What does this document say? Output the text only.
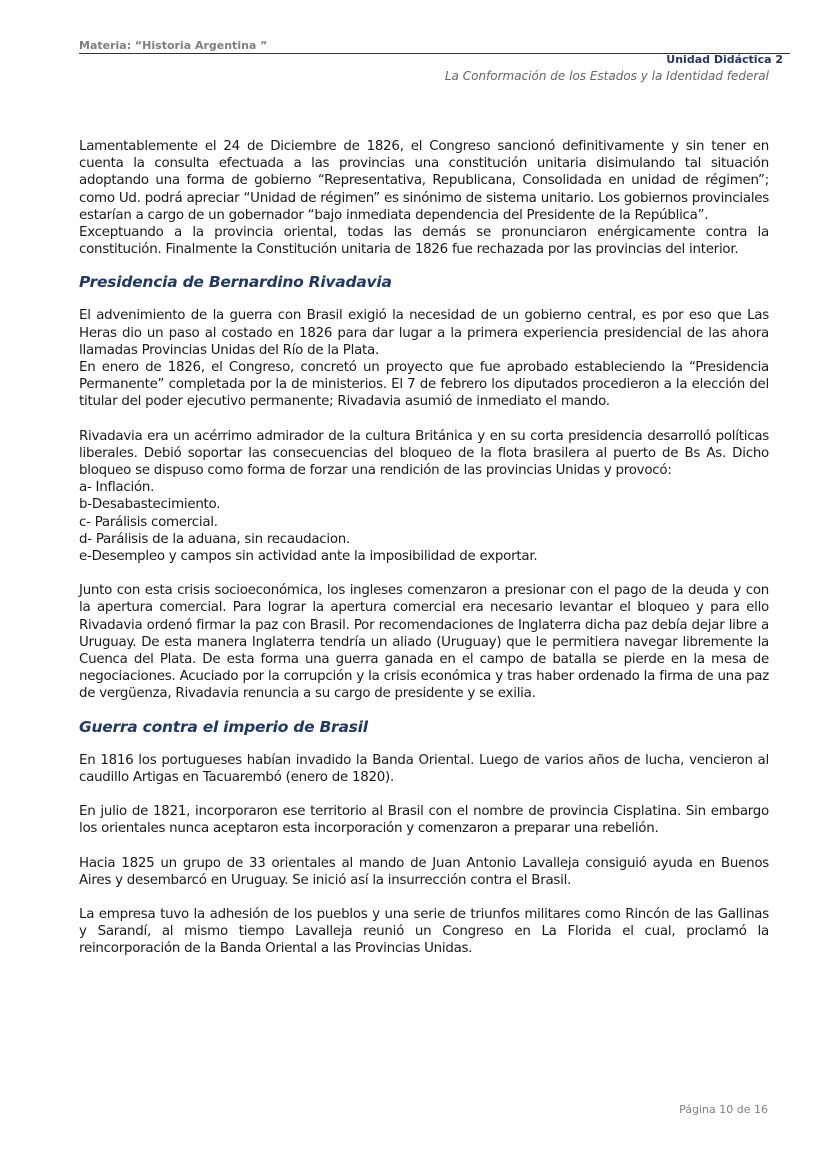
Materia: “Historia Argentina ”
Unidad Didáctica 2
La Conformación de los Estados y la Identidad federal

Lamentablemente el 24 de Diciembre de 1826, el Congreso sancionó definitivamente y sin tener en cuenta la consulta efectuada a las provincias una constitución unitaria disimulando tal situación adoptando una forma de gobierno “Representativa, Republicana, Consolidada en unidad de régimen”; como Ud. podrá apreciar “Unidad de régimen” es sinónimo de sistema unitario. Los gobiernos provinciales estarían a cargo de un gobernador “bajo inmediata dependencia del Presidente de la República”.

Exceptuando a la provincia oriental, todas las demás se pronunciaron enérgicamente contra la constitución. Finalmente la Constitución unitaria de 1826 fue rechazada por las provincias del interior.

Presidencia de Bernardino Rivadavia

El advenimiento de la guerra con Brasil exigió la necesidad de un gobierno central, es por eso que Las Heras dio un paso al costado en 1826 para dar lugar a la primera experiencia presidencial de las ahora llamadas Provincias Unidas del Río de la Plata.

En enero de 1826, el Congreso, concretó un proyecto que fue aprobado estableciendo la “Presidencia Permanente” completada por la de ministerios. El 7 de febrero los diputados procedieron a la elección del titular del poder ejecutivo permanente; Rivadavia asumió de inmediato el mando.

Rivadavia era un acérrimo admirador de la cultura Británica y en su corta presidencia desarrolló políticas liberales. Debió soportar las consecuencias del bloqueo de la flota brasilera al puerto de Bs As. Dicho bloqueo se dispuso como forma de forzar una rendición de las provincias Unidas y provocó:

a- Inflación.
b-Desabastecimiento.
c- Parálisis comercial.
d- Parálisis de la aduana, sin recaudacion.
e-Desempleo y campos sin actividad ante la imposibilidad de exportar.

Junto con esta crisis socioeconómica, los ingleses comenzaron a presionar con el pago de la deuda y con la apertura comercial. Para lograr la apertura comercial era necesario levantar el bloqueo y para ello Rivadavia ordenó firmar la paz con Brasil. Por recomendaciones de Inglaterra dicha paz debía dejar libre a Uruguay. De esta manera Inglaterra tendría un aliado (Uruguay) que le permitiera navegar libremente la Cuenca del Plata. De esta forma una guerra ganada en el campo de batalla se pierde en la mesa de negociaciones. Acuciado por la corrupción y la crisis económica y tras haber ordenado la firma de una paz de vergüenza, Rivadavia renuncia a su cargo de presidente y se exilia.

Guerra contra el imperio de Brasil

En 1816 los portugueses habían invadido la Banda Oriental. Luego de varios años de lucha, vencieron al caudillo Artigas en Tacuarembó (enero de 1820).

En julio de 1821, incorporaron ese territorio al Brasil con el nombre de provincia Cisplatina. Sin embargo los orientales nunca aceptaron esta incorporación y comenzaron a preparar una rebelión.

Hacia 1825 un grupo de 33 orientales al mando de Juan Antonio Lavalleja consiguió ayuda en Buenos Aires y desembarcó en Uruguay. Se inició así la insurrección contra el Brasil.

La empresa tuvo la adhesión de los pueblos y una serie de triunfos militares como Rincón de las Gallinas y Sarandí, al mismo tiempo Lavalleja reunió un Congreso en La Florida el cual, proclamó la reincorporación de la Banda Oriental a las Provincias Unidas.

Página 10 de 16
